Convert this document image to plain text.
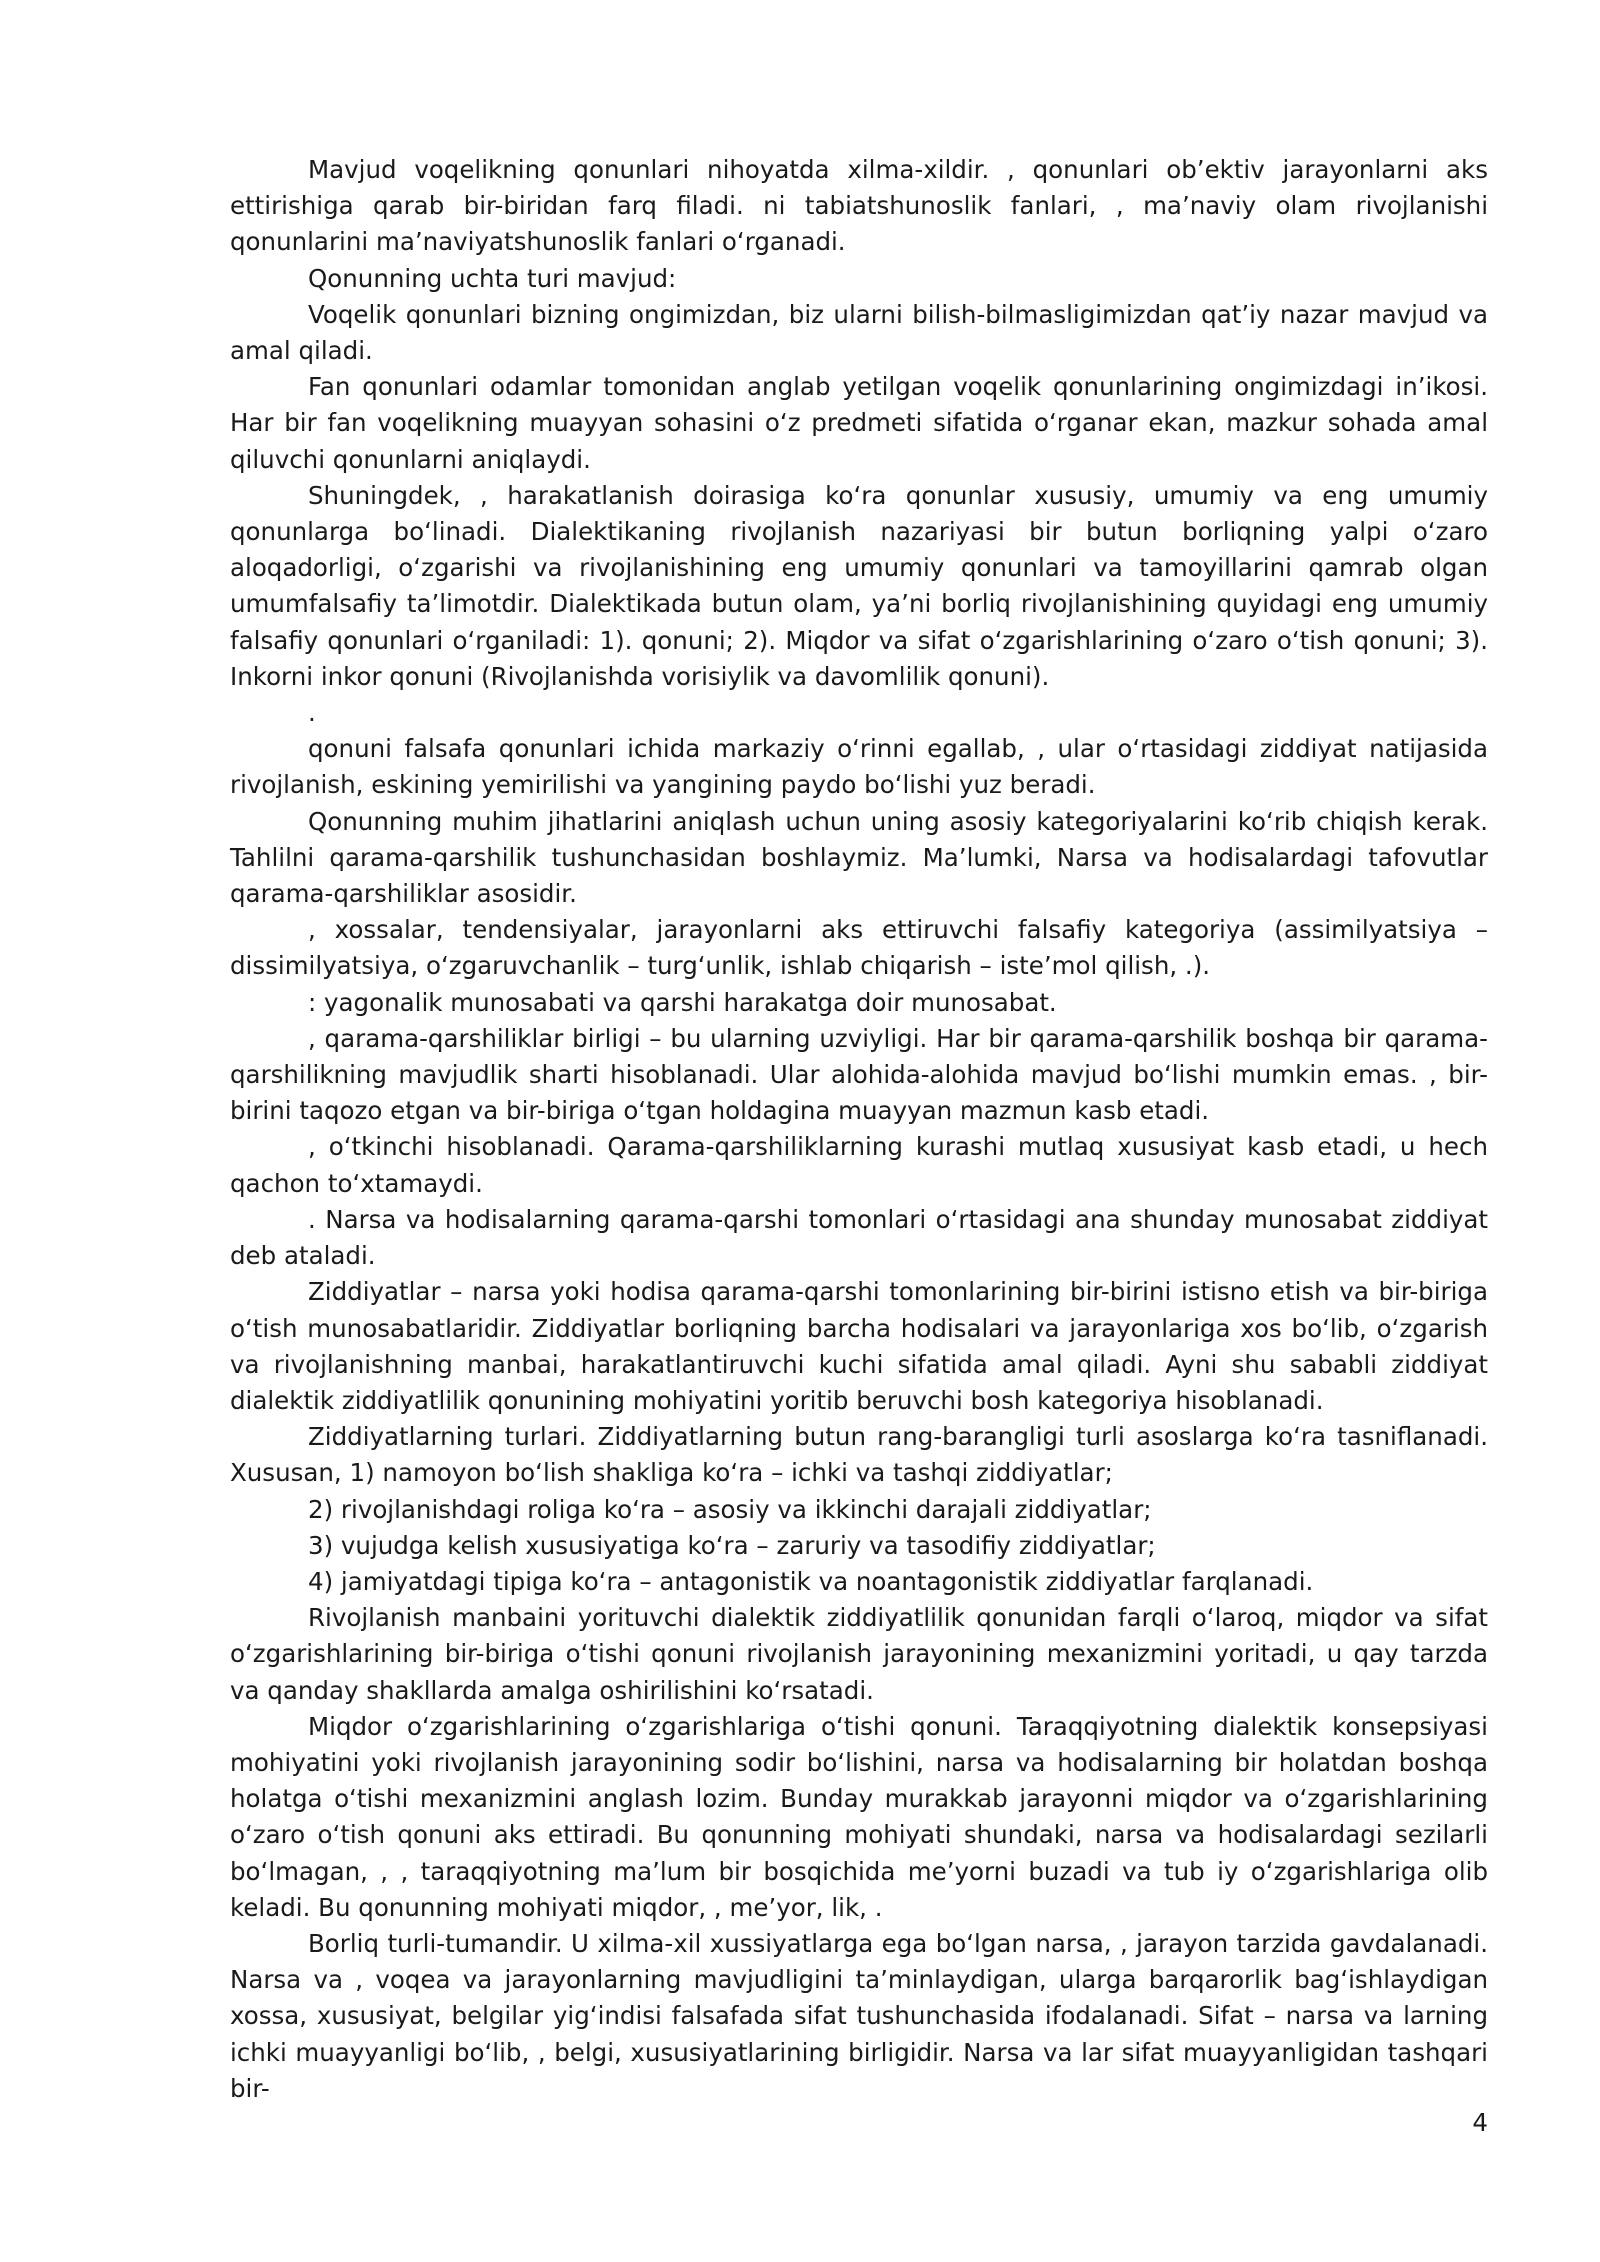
Mavjud voqelikning qonunlari nihoyatda xilma-xildir. , qonunlari ob’ektiv jarayonlarni aks ettirishiga qarab bir-biridan farq filadi. ni tabiatshunoslik fanlari, , ma’naviy olam rivojlanishi qonunlarini ma’naviyatshunoslik fanlari o‘rganadi.

Qonunning uchta turi mavjud:

Voqelik qonunlari bizning ongimizdan, biz ularni bilish-bilmasligimizdan qat’iy nazar mavjud va amal qiladi.

Fan qonunlari odamlar tomonidan anglab yetilgan voqelik qonunlarining ongimizdagi in’ikosi. Har bir fan voqelikning muayyan sohasini o‘z predmeti sifatida o‘rganar ekan, mazkur sohada amal qiluvchi qonunlarni aniqlaydi.

Shuningdek, , harakatlanish doirasiga ko‘ra qonunlar xususiy, umumiy va eng umumiy qonunlarga bo‘linadi. Dialektikaning rivojlanish nazariyasi bir butun borliqning yalpi o‘zaro aloqadorligi, o‘zgarishi va rivojlanishining eng umumiy qonunlari va tamoyillarini qamrab olgan umumfalsafiy ta’limotdir. Dialektikada butun olam, ya’ni borliq rivojlanishining quyidagi eng umumiy falsafiy qonunlari o‘rganiladi: 1). qonuni; 2). Miqdor va sifat o‘zgarishlarining o‘zaro o‘tish qonuni; 3). Inkorni inkor qonuni (Rivojlanishda vorisiylik va davomlilik qonuni).

.

qonuni falsafa qonunlari ichida markaziy o‘rinni egallab, , ular o‘rtasidagi ziddiyat natijasida rivojlanish, eskining yemirilishi va yangining paydo bo‘lishi yuz beradi.

Qonunning muhim jihatlarini aniqlash uchun uning asosiy kategoriyalarini ko‘rib chiqish kerak. Tahlilni qarama-qarshilik tushunchasidan boshlaymiz. Ma’lumki, Narsa va hodisalardagi tafovutlar qarama-qarshiliklar asosidir.

, xossalar, tendensiyalar, jarayonlarni aks ettiruvchi falsafiy kategoriya (assimilyatsiya – dissimilyatsiya, o‘zgaruvchanlik – turg‘unlik, ishlab chiqarish – iste’mol qilish, .).

: yagonalik munosabati va qarshi harakatga doir munosabat.

, qarama-qarshiliklar birligi – bu ularning uzviyligi. Har bir qarama-qarshilik boshqa bir qarama-qarshilikning mavjudlik sharti hisoblanadi. Ular alohida-alohida mavjud bo‘lishi mumkin emas. , bir-birini taqozo etgan va bir-biriga o‘tgan holdagina muayyan mazmun kasb etadi.

, o‘tkinchi hisoblanadi. Qarama-qarshiliklarning kurashi mutlaq xususiyat kasb etadi, u hech qachon to‘xtamaydi.

. Narsa va hodisalarning qarama-qarshi tomonlari o‘rtasidagi ana shunday munosabat ziddiyat deb ataladi.

Ziddiyatlar – narsa yoki hodisa qarama-qarshi tomonlarining bir-birini istisno etish va bir-biriga o‘tish munosabatlaridir. Ziddiyatlar borliqning barcha hodisalari va jarayonlariga xos bo‘lib, o‘zgarish va rivojlanishning manbai, harakatlantiruvchi kuchi sifatida amal qiladi. Ayni shu sababli ziddiyat dialektik ziddiyatlilik qonunining mohiyatini yoritib beruvchi bosh kategoriya hisoblanadi.

Ziddiyatlarning turlari. Ziddiyatlarning butun rang-barangligi turli asoslarga ko‘ra tasniflanadi. Xususan, 1) namoyon bo‘lish shakliga ko‘ra – ichki va tashqi ziddiyatlar;

2) rivojlanishdagi roliga ko‘ra – asosiy va ikkinchi darajali ziddiyatlar;

3) vujudga kelish xususiyatiga ko‘ra – zaruriy va tasodifiy ziddiyatlar;

4) jamiyatdagi tipiga ko‘ra – antagonistik va noantagonistik ziddiyatlar farqlanadi.

Rivojlanish manbaini yorituvchi dialektik ziddiyatlilik qonunidan farqli o‘laroq, miqdor va sifat o‘zgarishlarining bir-biriga o‘tishi qonuni rivojlanish jarayonining mexanizmini yoritadi, u qay tarzda va qanday shakllarda amalga oshirilishini ko‘rsatadi.

Miqdor o‘zgarishlarining o‘zgarishlariga o‘tishi qonuni. Taraqqiyotning dialektik konsepsiyasi mohiyatini yoki rivojlanish jarayonining sodir bo‘lishini, narsa va hodisalarning bir holatdan boshqa holatga o‘tishi mexanizmini anglash lozim. Bunday murakkab jarayonni miqdor va o‘zgarishlarining o‘zaro o‘tish qonuni aks ettiradi. Bu qonunning mohiyati shundaki, narsa va hodisalardagi sezilarli bo‘lmagan, , , taraqqiyotning ma’lum bir bosqichida me’yorni buzadi va tub iy o‘zgarishlariga olib keladi. Bu qonunning mohiyati miqdor, , me’yor, lik, .

Borliq turli-tumandir. U xilma-xil xussiyatlarga ega bo‘lgan narsa, , jarayon tarzida gavdalanadi. Narsa va , voqea va jarayonlarning mavjudligini ta’minlaydigan, ularga barqarorlik bag‘ishlaydigan xossa, xususiyat, belgilar yig‘indisi falsafada sifat tushunchasida ifodalanadi. Sifat – narsa va larning ichki muayyanligi bo‘lib, , belgi, xususiyatlarining birligidir. Narsa va lar sifat muayyanligidan tashqari bir-

4
